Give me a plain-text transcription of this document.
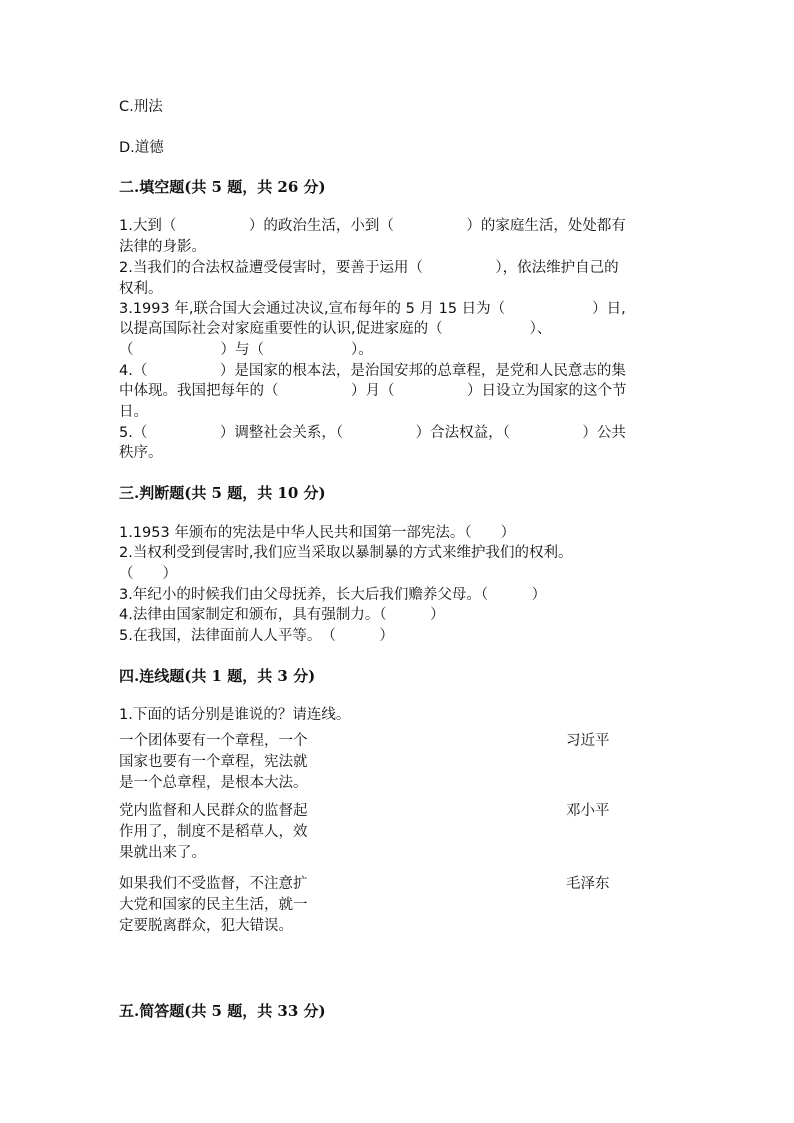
C.刑法
D.道德
二.填空题(共 5 题，共 26 分)
1.大到（　　　　　）的政治生活，小到（　　　　　）的家庭生活，处处都有
法律的身影。
2.当我们的合法权益遭受侵害时，要善于运用（　　　　　），依法维护自己的
权利。
3.1993 年,联合国大会通过决议,宣布每年的 5 月 15 日为（　　　　　　）日,
以提高国际社会对家庭重要性的认识,促进家庭的（　　　　　　）、
（　　　　　　）与（　　　　　　）。
4.（　　　　　）是国家的根本法，是治国安邦的总章程，是党和人民意志的集
中体现。我国把每年的（　　　　　）月（　　　　　）日设立为国家的这个节
日。
5.（　　　　　）调整社会关系，（　　　　　）合法权益，（　　　　　）公共
秩序。
三.判断题(共 5 题，共 10 分)
1.1953 年颁布的宪法是中华人民共和国第一部宪法。（　　）
2.当权利受到侵害时,我们应当采取以暴制暴的方式来维护我们的权利。
（　　）
3.年纪小的时候我们由父母抚养，长大后我们赡养父母。（　　　）
4.法律由国家制定和颁布，具有强制力。（　　　）
5.在我国，法律面前人人平等。　（　　　）
四.连线题(共 1 题，共 3 分)
1.下面的话分别是谁说的？请连线。
一个团体要有一个章程，一个
国家也要有一个章程，宪法就
是一个总章程，是根本大法。
党内监督和人民群众的监督起
作用了，制度不是稻草人，效
果就出来了。
如果我们不受监督，不注意扩
大党和国家的民主生活，就一
定要脱离群众，犯大错误。
习近平
邓小平
毛泽东
五.简答题(共 5 题，共 33 分)
